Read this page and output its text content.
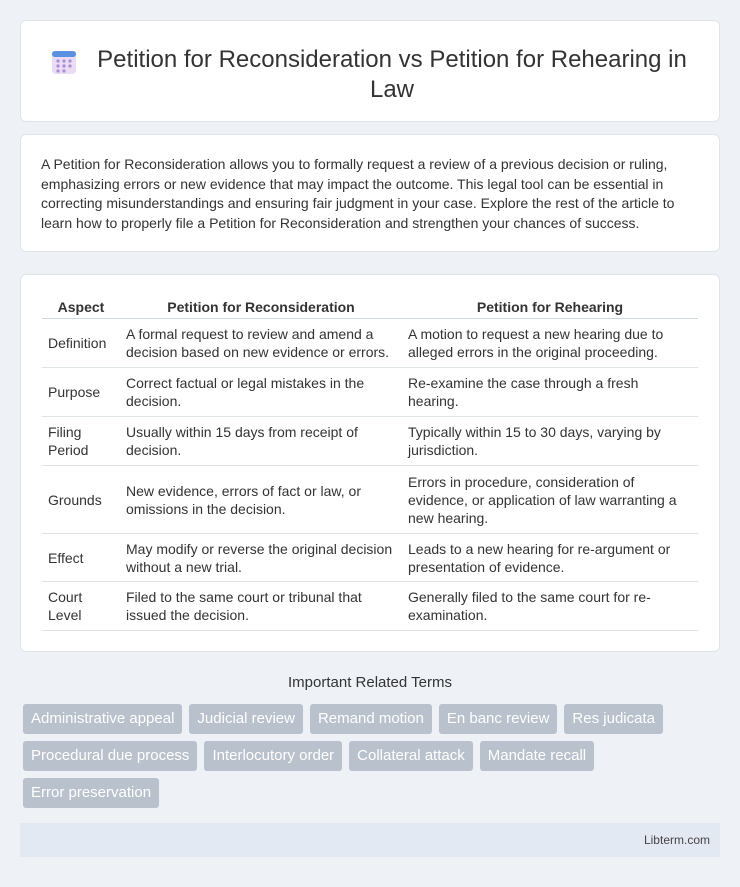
Petition for Reconsideration vs Petition for Rehearing in Law

A Petition for Reconsideration allows you to formally request a review of a previous decision or ruling, emphasizing errors or new evidence that may impact the outcome. This legal tool can be essential in correcting misunderstandings and ensuring fair judgment in your case. Explore the rest of the article to learn how to properly file a Petition for Reconsideration and strengthen your chances of success.

Aspect	Petition for Reconsideration	Petition for Rehearing
Definition	A formal request to review and amend a decision based on new evidence or errors.	A motion to request a new hearing due to alleged errors in the original proceeding.
Purpose	Correct factual or legal mistakes in the decision.	Re-examine the case through a fresh hearing.
Filing Period	Usually within 15 days from receipt of decision.	Typically within 15 to 30 days, varying by jurisdiction.
Grounds	New evidence, errors of fact or law, or omissions in the decision.	Errors in procedure, consideration of evidence, or application of law warranting a new hearing.
Effect	May modify or reverse the original decision without a new trial.	Leads to a new hearing for re-argument or presentation of evidence.
Court Level	Filed to the same court or tribunal that issued the decision.	Generally filed to the same court for re-examination.
Important Related Terms
Administrative appeal	Judicial review	Remand motion	En banc review	Res judicata
Procedural due process	Interlocutory order	Collateral attack	Mandate recall
Error preservation
Libterm.com
